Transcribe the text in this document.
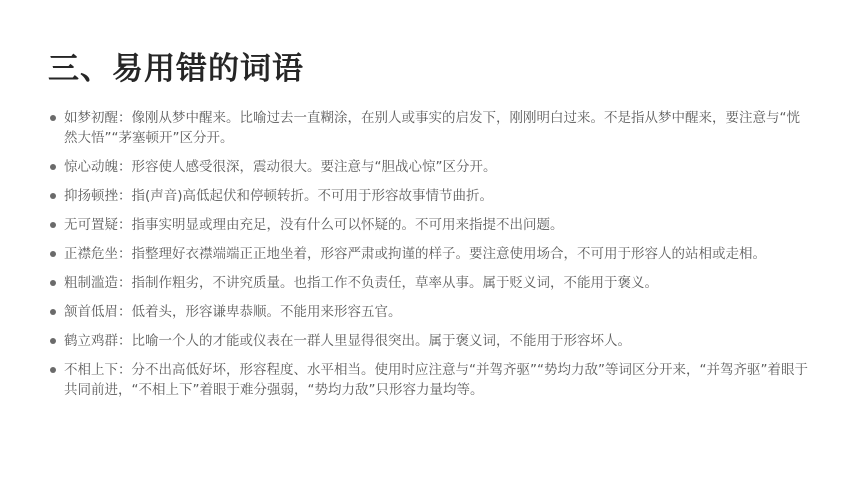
三、易用错的词语
如梦初醒：像刚从梦中醒来。比喻过去一直糊涂，在别人或事实的启发下，刚刚明白过来。不是指从梦中醒来，要注意与“恍然大悟”“茅塞顿开”区分开。
惊心动魄：形容使人感受很深，震动很大。要注意与“胆战心惊”区分开。
抑扬顿挫：指(声音)高低起伏和停顿转折。不可用于形容故事情节曲折。
无可置疑：指事实明显或理由充足，没有什么可以怀疑的。不可用来指提不出问题。
正襟危坐：指整理好衣襟端端正正地坐着，形容严肃或拘谨的样子。要注意使用场合，不可用于形容人的站相或走相。
粗制滥造：指制作粗劣，不讲究质量。也指工作不负责任，草率从事。属于贬义词，不能用于褒义。
颔首低眉：低着头，形容谦卑恭顺。不能用来形容五官。
鹤立鸡群：比喻一个人的才能或仪表在一群人里显得很突出。属于褒义词，不能用于形容坏人。
不相上下：分不出高低好坏，形容程度、水平相当。使用时应注意与“并驾齐驱”“势均力敌”等词区分开来，“并驾齐驱”着眼于共同前进，“不相上下”着眼于难分强弱，“势均力敌”只形容力量均等。
